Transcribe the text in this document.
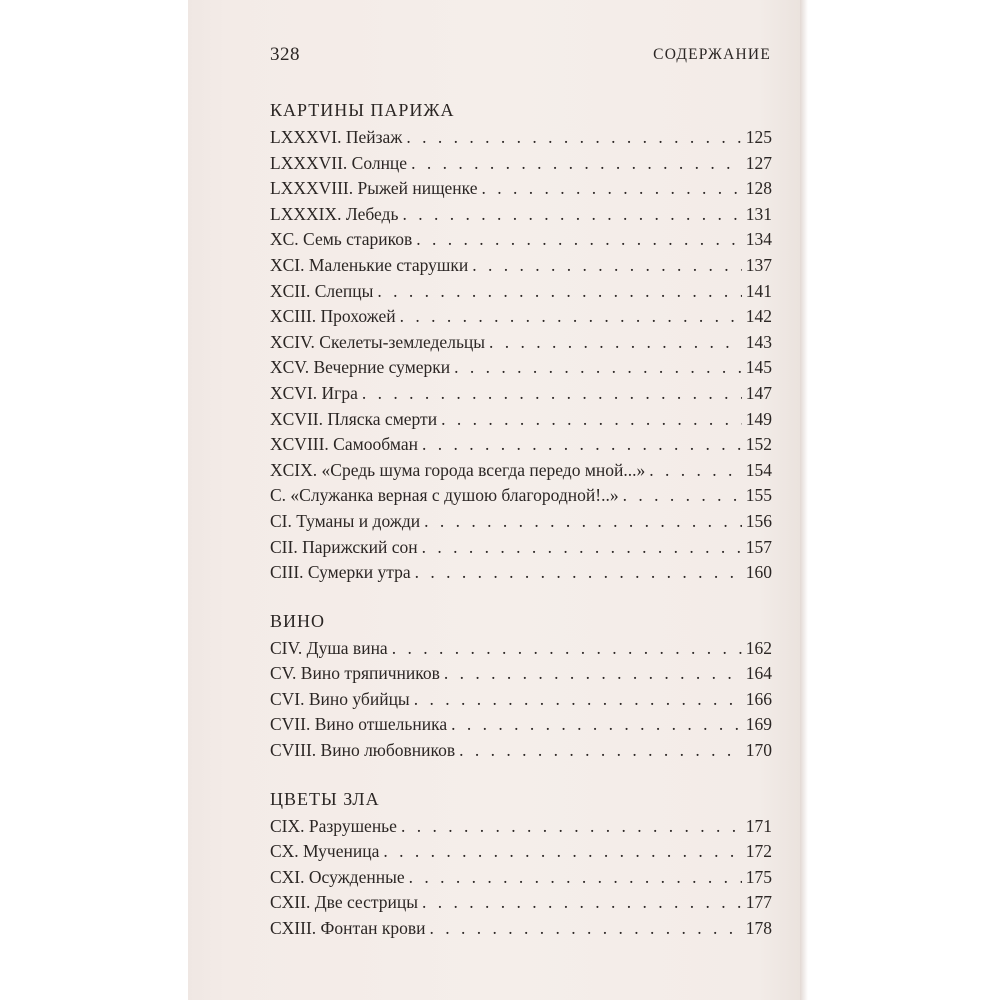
328	СОДЕРЖАНИЕ
КАРТИНЫ ПАРИЖА
LXXXVI. Пейзаж . . .	125
LXXXVII. Солнце . . .	127
LXXXVIII. Рыжей нищенке . . .	128
LXXXIX. Лебедь . . .	131
XC. Семь стариков . . .	134
XCI. Маленькие старушки . . .	137
XCII. Слепцы . . .	141
XCIII. Прохожей . . .	142
XCIV. Скелеты-земледельцы . . .	143
XCV. Вечерние сумерки . . .	145
XCVI. Игра . . .	147
XCVII. Пляска смерти . . .	149
XCVIII. Самообман . . .	152
XCIX. «Средь шума города всегда передо мной...» . . .	154
C. «Служанка верная с душою благородной!..» . . .	155
CI. Туманы и дожди . . .	156
CII. Парижский сон . . .	157
CIII. Сумерки утра . . .	160
ВИНО
CIV. Душа вина . . .	162
CV. Вино тряпичников . . .	164
CVI. Вино убийцы . . .	166
CVII. Вино отшельника . . .	169
CVIII. Вино любовников . . .	170
ЦВЕТЫ ЗЛА
CIX. Разрушенье . . .	171
CX. Мученица . . .	172
CXI. Осужденные . . .	175
CXII. Две сестрицы . . .	177
CXIII. Фонтан крови . . .	178
